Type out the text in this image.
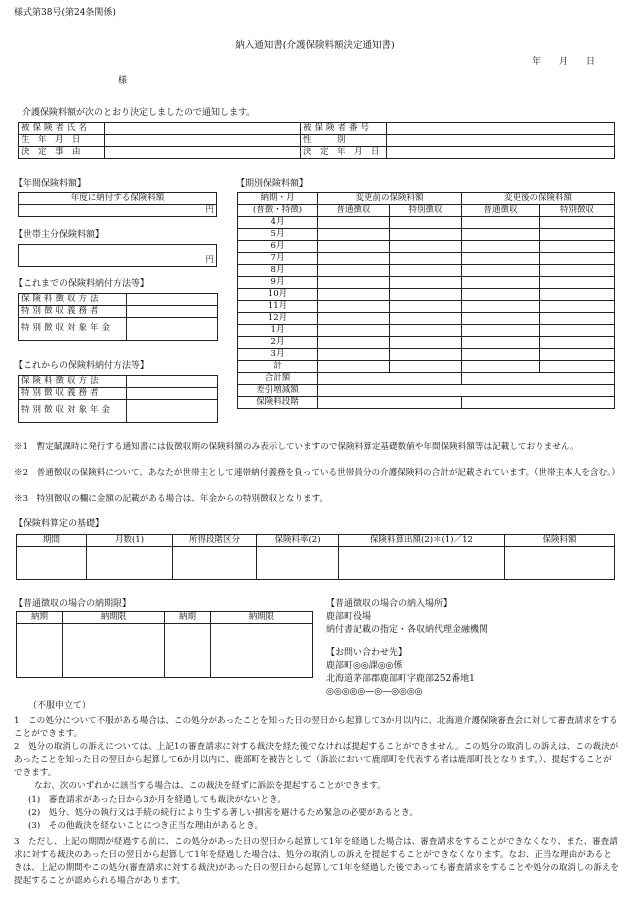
様式第38号(第24条関係)
納入通知書(介護保険料額決定通知書)
年　　月　　日
様
介護保険料額が次のとおり決定しましたので通知します。
被保険者氏名		被保険者番号	
生　年　月　日		性　　　別	
決　定　事　由		決　定　年　月　日	
【年間保険料額】
年度に納付する保険料額
円
【世帯主分保険料額】
円
【これまでの保険料納付方法等】
保険料徴収方法	
特別徴収義務者	
特別徴収対象年金	
【これからの保険料納付方法等】
保険料徴収方法	
特別徴収義務者	
特別徴収対象年金	
【期別保険料額】
納期・月	変更前の保険料額		変更後の保険料額	
(普徴・特徴)	普通徴収	特別徴収	普通徴収	特別徴収
4月				
5月				
6月				
7月				
8月				
9月				
10月				
11月				
12月				
1月				
2月				
3月				
計				
合計額				
差引増減額				
保険料段階				
※1　暫定賦課時に発行する通知書には仮徴収期の保険料額のみ表示していますので保険料算定基礎数値や年間保険料額等は記載しておりません。
※2　普通徴収の保険料について、あなたが世帯主として連帯納付義務を負っている世帯員分の介護保険料の合計が記載されています。（世帯主本人を含む。）
※3　特別徴収の欄に金額の記載がある場合は、年金からの特別徴収となります。
【保険料算定の基礎】
期間	月数(1)	所得段階区分	保険料率(2)	保険料算出額(2)＊(1)／12	保険料額

【普通徴収の場合の納期限】
納期	納期限	納期	納期限

【普通徴収の場合の納入場所】
鹿部町役場
納付書記載の指定・各収納代理金融機関
【お問い合わせ先】
鹿部町◎◎課◎◎係
北海道茅部郡鹿部町字鹿部252番地1
◎◎◎◎◎—◎—◎◎◎◎
（不服申立て）
1　この処分について不服がある場合は、この処分があったことを知った日の翌日から起算して3か月以内に、北海道介護保険審査会に対して審査請求をすることができます。
2　処分の取消しの訴えについては、上記1の審査請求に対する裁決を経た後でなければ提起することができません。この処分の取消しの訴えは、この裁決があったことを知った日の翌日から起算して6か月以内に、鹿部町を被告として（訴訟において鹿部町を代表する者は鹿部町長となります。）、提起することができます。
なお、次のいずれかに該当する場合は、この裁決を経ずに訴訟を提起することができます。
(1)　審査請求があった日から3か月を経過しても裁決がないとき。
(2)　処分、処分の執行又は手続の続行により生ずる著しい損害を避けるため緊急の必要があるとき。
(3)　その他裁決を経ないことにつき正当な理由があるとき。
3　ただし、上記の期間が経過する前に、この処分があった日の翌日から起算して1年を経過した場合は、審査請求をすることができなくなり、また、審査請求に対する裁決のあった日の翌日から起算して1年を経過した場合は、処分の取消しの訴えを提起することができなくなります。なお、正当な理由があるときは、上記の期間やこの処分(審査請求に対する裁決)があった日の翌日から起算して1年を経過した後であっても審査請求をすることや処分の取消しの訴えを提起することが認められる場合があります。
